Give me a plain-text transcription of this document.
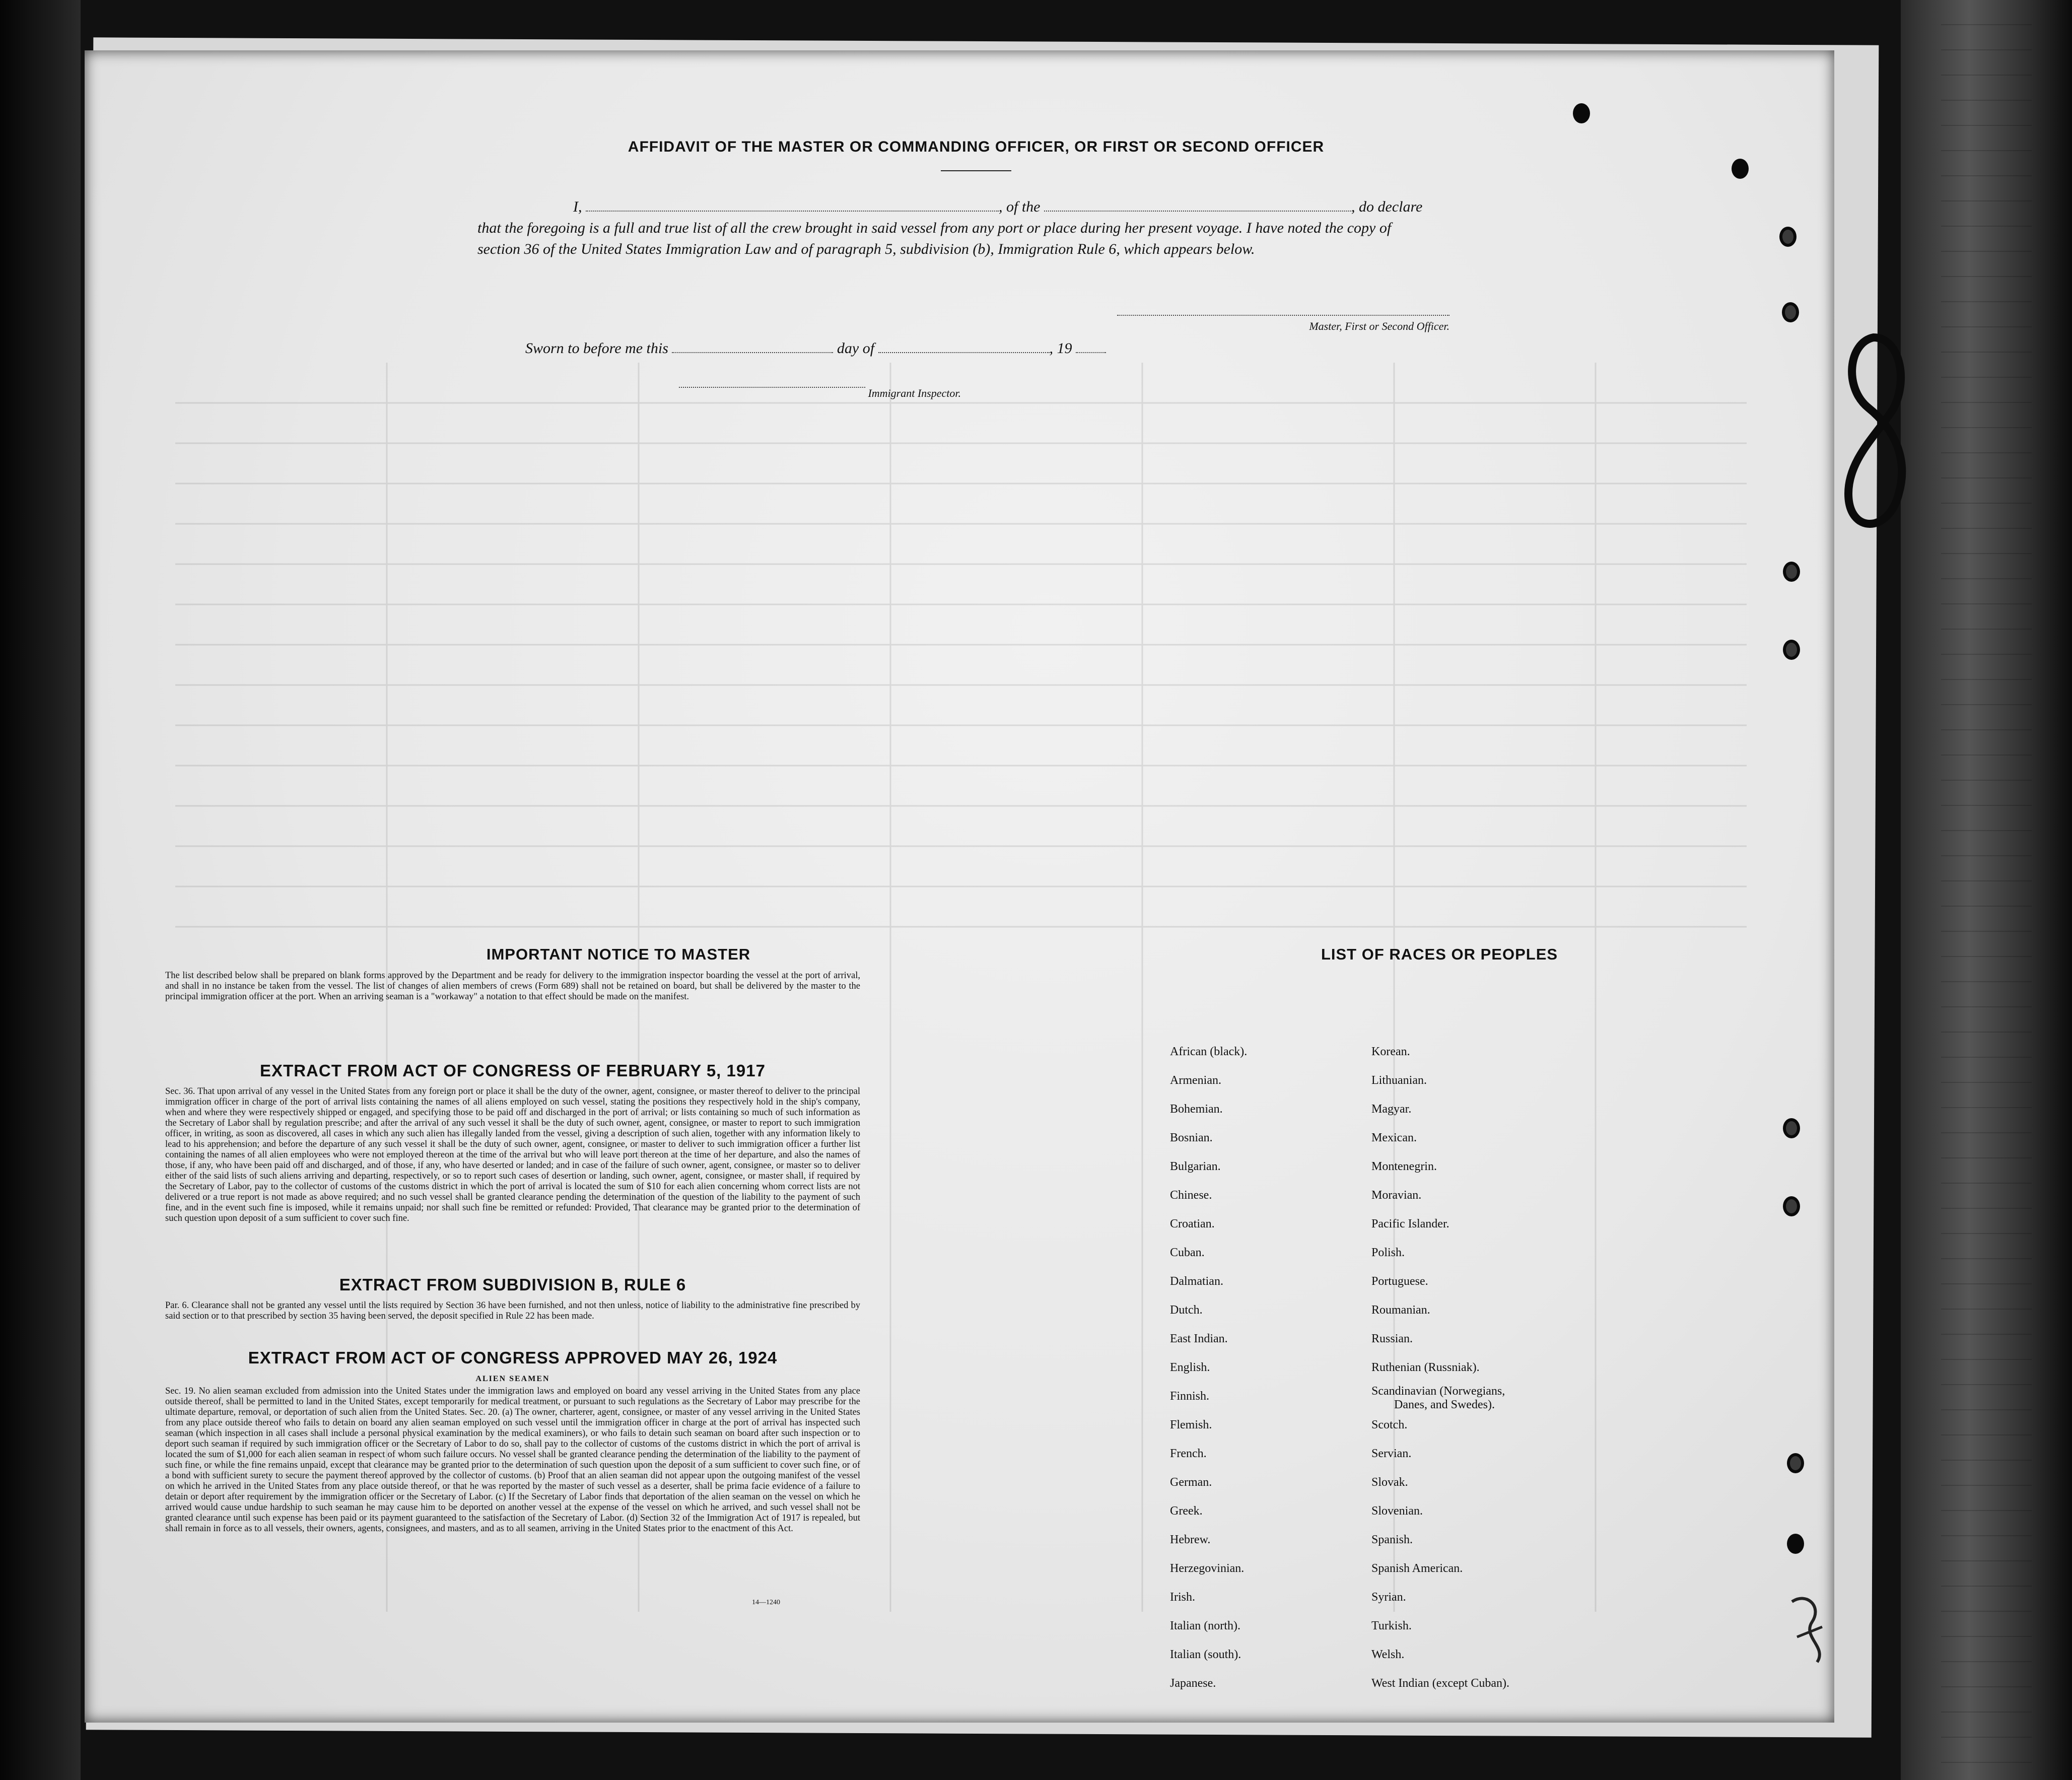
AFFIDAVIT OF THE MASTER OR COMMANDING OFFICER, OR FIRST OR SECOND OFFICER
I,	, of the	, do declare
that the foregoing is a full and true list of all the crew brought in said vessel from any port or place during her present voyage. I have noted the copy of section 36 of the United States Immigration Law and of paragraph 5, subdivision (b), Immigration Rule 6, which appears below.
Master, First or Second Officer.
Sworn to before me this	day of	, 19
Immigrant Inspector.
IMPORTANT NOTICE TO MASTER
The list described below shall be prepared on blank forms approved by the Department and be ready for delivery to the immigration inspector boarding the vessel at the port of arrival, and shall in no instance be taken from the vessel. The list of changes of alien members of crews (Form 689) shall not be retained on board, but shall be delivered by the master to the principal immigration officer at the port. When an arriving seaman is a "workaway" a notation to that effect should be made on the manifest.
EXTRACT FROM ACT OF CONGRESS OF FEBRUARY 5, 1917
Sec. 36. That upon arrival of any vessel in the United States from any foreign port or place it shall be the duty of the owner, agent, consignee, or master thereof to deliver to the principal immigration officer in charge of the port of arrival lists containing the names of all aliens employed on such vessel, stating the positions they respectively hold in the ship's company, when and where they were respectively shipped or engaged, and specifying those to be paid off and discharged in the port of arrival; or lists containing so much of such information as the Secretary of Labor shall by regulation prescribe; and after the arrival of any such vessel it shall be the duty of such owner, agent, consignee, or master to report to such immigration officer, in writing, as soon as discovered, all cases in which any such alien has illegally landed from the vessel, giving a description of such alien, together with any information likely to lead to his apprehension; and before the departure of any such vessel it shall be the duty of such owner, agent, consignee, or master to deliver to such immigration officer a further list containing the names of all alien employees who were not employed thereon at the time of the arrival but who will leave port thereon at the time of her departure, and also the names of those, if any, who have been paid off and discharged, and of those, if any, who have deserted or landed; and in case of the failure of such owner, agent, consignee, or master so to deliver either of the said lists of such aliens arriving and departing, respectively, or so to report such cases of desertion or landing, such owner, agent, consignee, or master shall, if required by the Secretary of Labor, pay to the collector of customs of the customs district in which the port of arrival is located the sum of $10 for each alien concerning whom correct lists are not delivered or a true report is not made as above required; and no such vessel shall be granted clearance pending the determination of the question of the liability to the payment of such fine, and in the event such fine is imposed, while it remains unpaid; nor shall such fine be remitted or refunded: Provided, That clearance may be granted prior to the determination of such question upon deposit of a sum sufficient to cover such fine.
EXTRACT FROM SUBDIVISION B, RULE 6
Par. 6. Clearance shall not be granted any vessel until the lists required by Section 36 have been furnished, and not then unless, notice of liability to the administrative fine prescribed by said section or to that prescribed by section 35 having been served, the deposit specified in Rule 22 has been made.
EXTRACT FROM ACT OF CONGRESS APPROVED MAY 26, 1924
ALIEN SEAMEN
Sec. 19. No alien seaman excluded from admission into the United States under the immigration laws and employed on board any vessel arriving in the United States from any place outside thereof, shall be permitted to land in the United States, except temporarily for medical treatment, or pursuant to such regulations as the Secretary of Labor may prescribe for the ultimate departure, removal, or deportation of such alien from the United States. Sec. 20. (a) The owner, charterer, agent, consignee, or master of any vessel arriving in the United States from any place outside thereof who fails to detain on board any alien seaman employed on such vessel until the immigration officer in charge at the port of arrival has inspected such seaman (which inspection in all cases shall include a personal physical examination by the medical examiners), or who fails to detain such seaman on board after such inspection or to deport such seaman if required by such immigration officer or the Secretary of Labor to do so, shall pay to the collector of customs of the customs district in which the port of arrival is located the sum of $1,000 for each alien seaman in respect of whom such failure occurs. No vessel shall be granted clearance pending the determination of the liability to the payment of such fine, or while the fine remains unpaid, except that clearance may be granted prior to the determination of such question upon the deposit of a sum sufficient to cover such fine, or of a bond with sufficient surety to secure the payment thereof approved by the collector of customs. (b) Proof that an alien seaman did not appear upon the outgoing manifest of the vessel on which he arrived in the United States from any place outside thereof, or that he was reported by the master of such vessel as a deserter, shall be prima facie evidence of a failure to detain or deport after requirement by the immigration officer or the Secretary of Labor. (c) If the Secretary of Labor finds that deportation of the alien seaman on the vessel on which he arrived would cause undue hardship to such seaman he may cause him to be deported on another vessel at the expense of the vessel on which he arrived, and such vessel shall not be granted clearance until such expense has been paid or its payment guaranteed to the satisfaction of the Secretary of Labor. (d) Section 32 of the Immigration Act of 1917 is repealed, but shall remain in force as to all vessels, their owners, agents, consignees, and masters, and as to all seamen, arriving in the United States prior to the enactment of this Act.
14—1240
LIST OF RACES OR PEOPLES
African (black).
Armenian.
Bohemian.
Bosnian.
Bulgarian.
Chinese.
Croatian.
Cuban.
Dalmatian.
Dutch.
East Indian.
English.
Finnish.
Flemish.
French.
German.
Greek.
Hebrew.
Herzegovinian.
Irish.
Italian (north).
Italian (south).
Japanese.
Korean.
Lithuanian.
Magyar.
Mexican.
Montenegrin.
Moravian.
Pacific Islander.
Polish.
Portuguese.
Roumanian.
Russian.
Ruthenian (Russniak).
Scandinavian (Norwegians,
Danes, and Swedes).
Scotch.
Servian.
Slovak.
Slovenian.
Spanish.
Spanish American.
Syrian.
Turkish.
Welsh.
West Indian (except Cuban).
